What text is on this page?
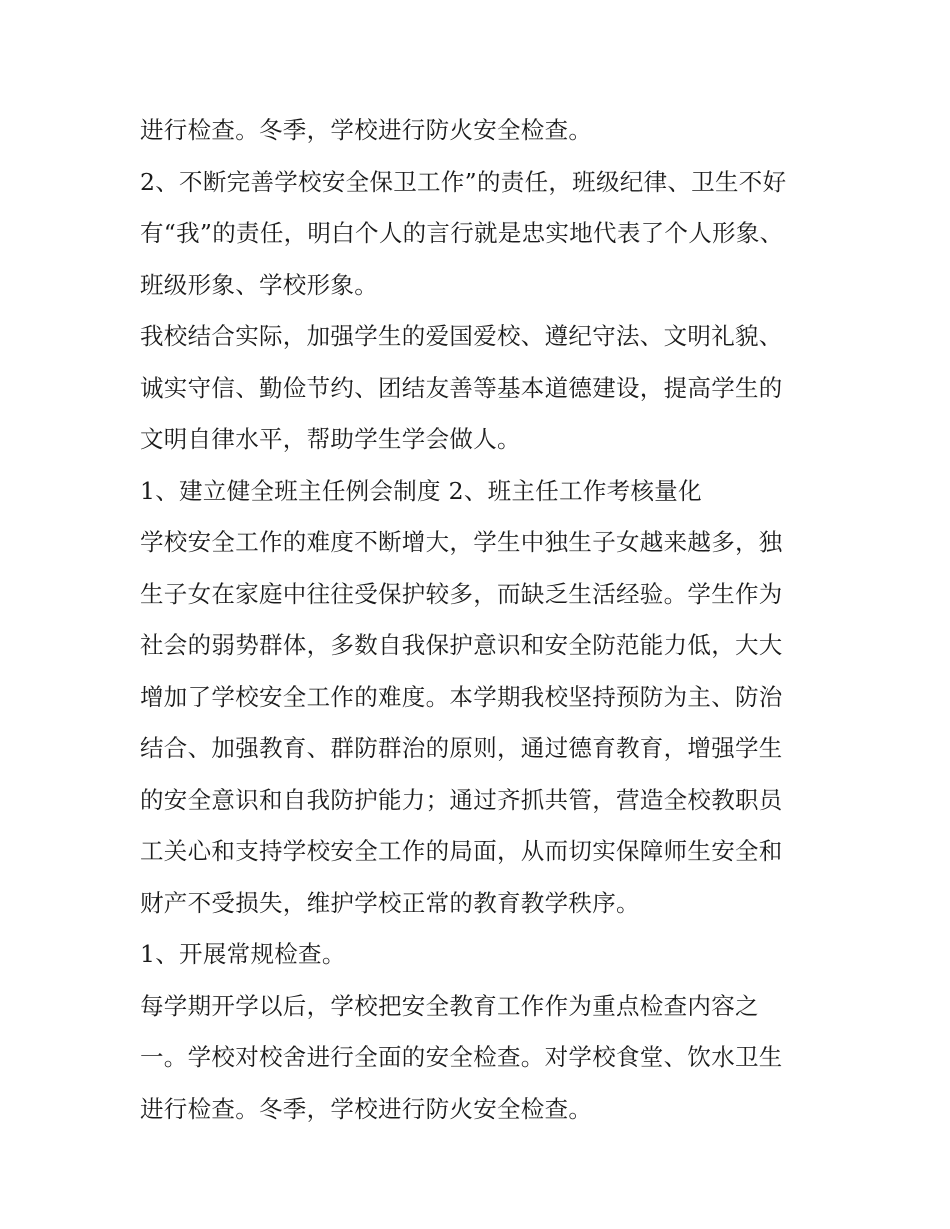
进行检查。冬季，学校进行防火安全检查。
2、不断完善学校安全保卫工作”的责任，班级纪律、卫生不好
有“我”的责任，明白个人的言行就是忠实地代表了个人形象、
班级形象、学校形象。
我校结合实际，加强学生的爱国爱校、遵纪守法、文明礼貌、
诚实守信、勤俭节约、团结友善等基本道德建设，提高学生的
文明自律水平，帮助学生学会做人。
1、建立健全班主任例会制度 2、班主任工作考核量化
学校安全工作的难度不断增大，学生中独生子女越来越多，独
生子女在家庭中往往受保护较多，而缺乏生活经验。学生作为
社会的弱势群体，多数自我保护意识和安全防范能力低，大大
增加了学校安全工作的难度。本学期我校坚持预防为主、防治
结合、加强教育、群防群治的原则，通过德育教育，增强学生
的安全意识和自我防护能力；通过齐抓共管，营造全校教职员
工关心和支持学校安全工作的局面，从而切实保障师生安全和
财产不受损失，维护学校正常的教育教学秩序。
1、开展常规检查。
每学期开学以后，学校把安全教育工作作为重点检查内容之
一。学校对校舍进行全面的安全检查。对学校食堂、饮水卫生
进行检查。冬季，学校进行防火安全检查。
